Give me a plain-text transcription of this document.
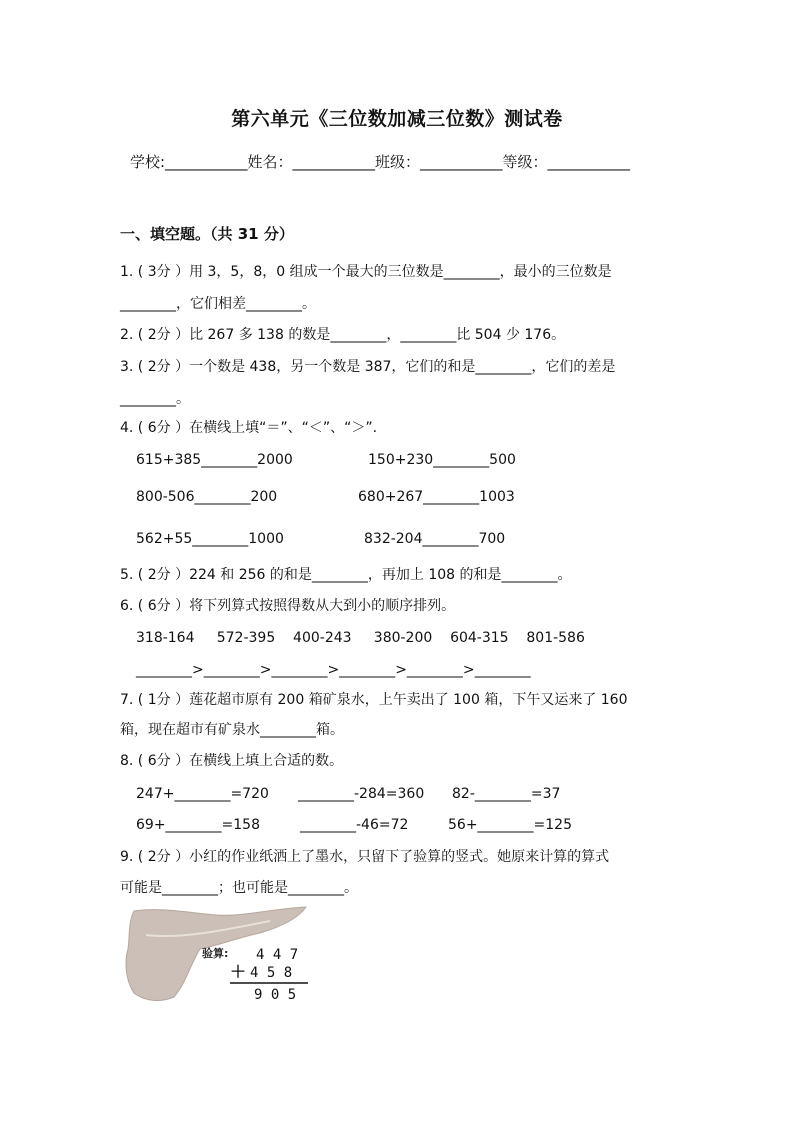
第六单元《三位数加减三位数》测试卷
学校:___________姓名：___________班级：___________等级：___________
一、填空题。（共 31 分）
1. ( 3分 ）用 3，5，8，0 组成一个最大的三位数是________，最小的三位数是
________，它们相差________。
2. ( 2分 ）比 267 多 138 的数是________，________比 504 少 176。
3. ( 2分 ）一个数是 438，另一个数是 387，它们的和是________，它们的差是
________。
4. ( 6分 ）在横线上填“＝”、“＜”、“＞”.
615+385________2000	150+230________500
800-506________200	680+267________1003
562+55________1000	832-204________700
5. ( 2分 ）224 和 256 的和是________，再加上 108 的和是________。
6. ( 6分 ）将下列算式按照得数从大到小的顺序排列。
318-164     572-395    400-243     380-200    604-315    801-586
________>________>________>________>________>________
7. ( 1分 ）莲花超市原有 200 箱矿泉水，上午卖出了 100 箱，下午又运来了 160
箱，现在超市有矿泉水________箱。
8. ( 6分 ）在横线上填上合适的数。
247+________=720 ________-284=360 82-________=37
69+________=158	________-46=72	56+________=125
9. ( 2分 ）小红的作业纸洒上了墨水，只留下了验算的竖式。她原来计算的算式
可能是________；也可能是________。
验算: 4 4 7
＋ 4 5 8
9 0 5
